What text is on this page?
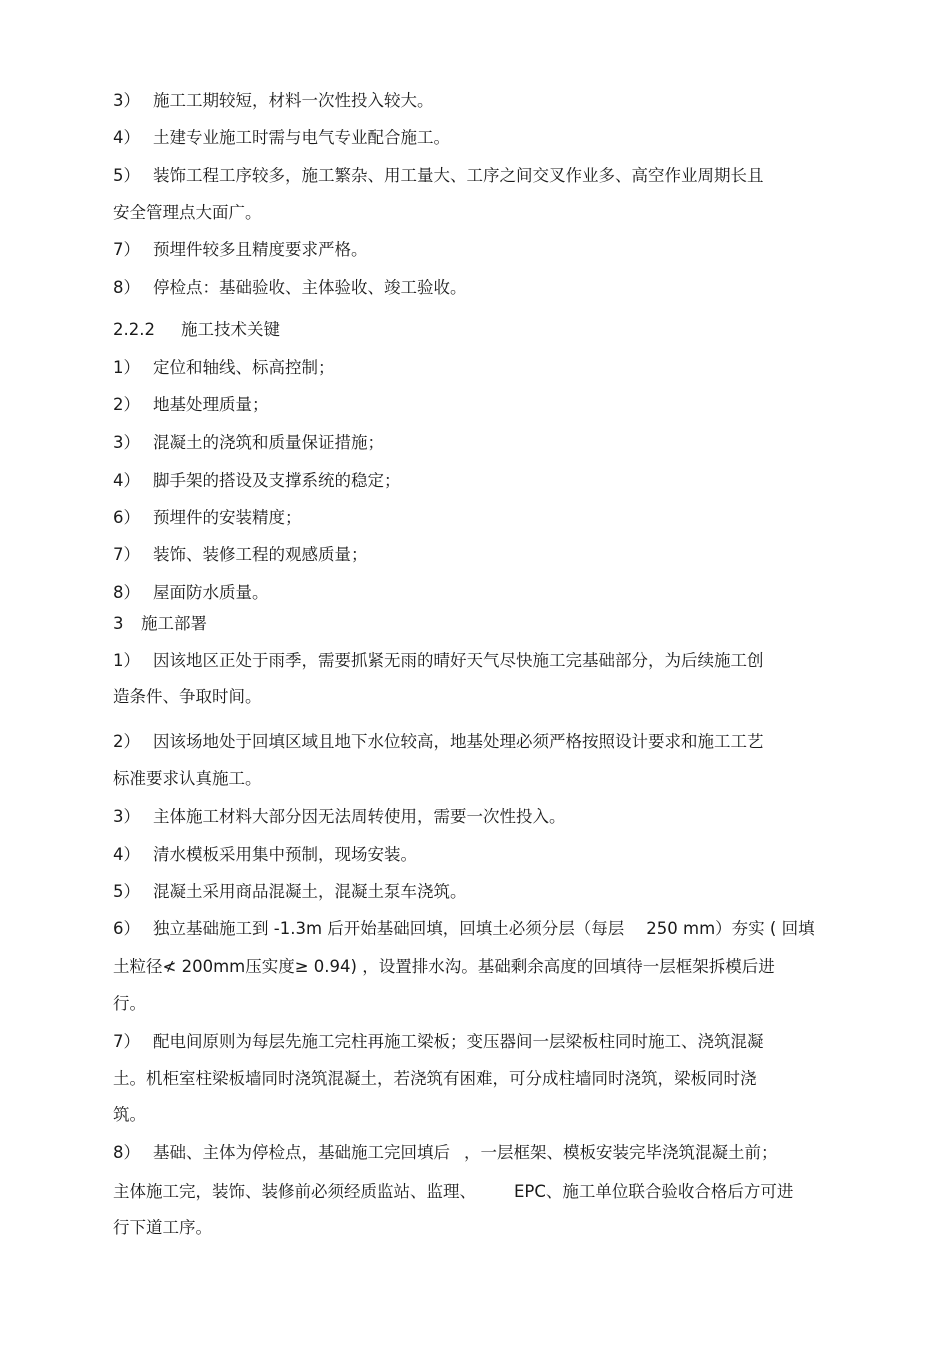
3） 施工工期较短，材料一次性投入较大。

4） 土建专业施工时需与电气专业配合施工。

5） 装饰工程工序较多，施工繁杂、用工量大、工序之间交叉作业多、高空作业周期长且

安全管理点大面广。

7） 预埋件较多且精度要求严格。

8） 停检点：基础验收、主体验收、竣工验收。

2.2.2 施工技术关键

1） 定位和轴线、标高控制；

2） 地基处理质量；

3） 混凝土的浇筑和质量保证措施；

4） 脚手架的搭设及支撑系统的稳定；

6） 预埋件的安装精度；

7） 装饰、装修工程的观感质量；

8） 屋面防水质量。

3 施工部署

1） 因该地区正处于雨季，需要抓紧无雨的晴好天气尽快施工完基础部分，为后续施工创

造条件、争取时间。

2） 因该场地处于回填区域且地下水位较高，地基处理必须严格按照设计要求和施工工艺

标准要求认真施工。

3） 主体施工材料大部分因无法周转使用，需要一次性投入。

4） 清水模板采用集中预制，现场安装。

5） 混凝土采用商品混凝土，混凝土泵车浇筑。

6） 独立基础施工到 -1.3m 后开始基础回填，回填土必须分层（每层 250 mm）夯实 ( 回填

土粒径≮ 200mm压实度≥ 0.94) ，设置排水沟。基础剩余高度的回填待一层框架拆模后进

行。

7） 配电间原则为每层先施工完柱再施工梁板；变压器间一层梁板柱同时施工、浇筑混凝

土。机柜室柱梁板墙同时浇筑混凝土，若浇筑有困难，可分成柱墙同时浇筑，梁板同时浇

筑。

8） 基础、主体为停检点，基础施工完回填后 ，一层框架、模板安装完毕浇筑混凝土前；

主体施工完，装饰、装修前必须经质监站、监理、 EPC、施工单位联合验收合格后方可进

行下道工序。
